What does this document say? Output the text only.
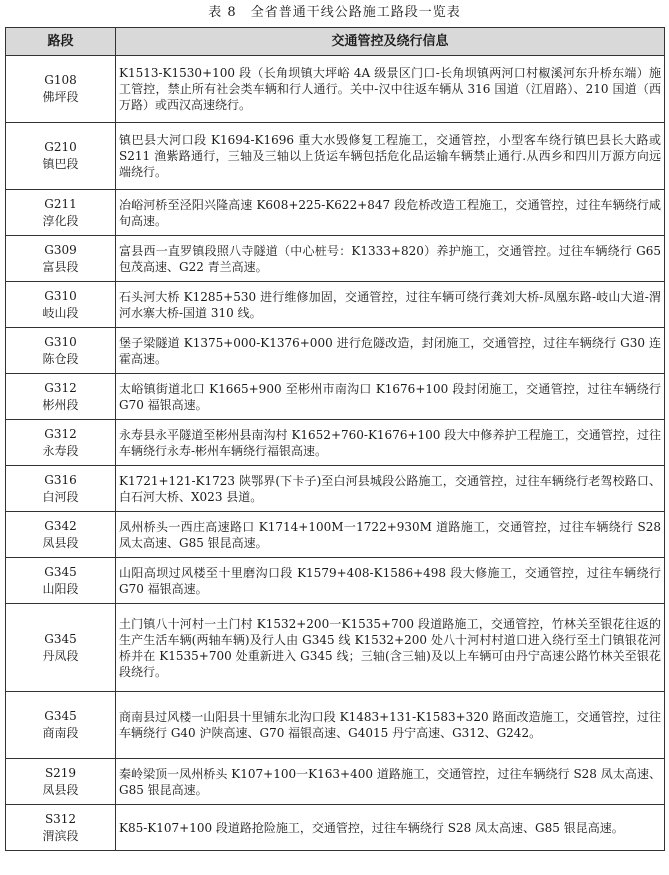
表 8　全省普通干线公路施工路段一览表
路段	交通管控及绕行信息

G108
佛坪段	K1513-K1530+100 段（长角坝镇大坪峪 4A 级景区门口-长角坝镇两河口村椒溪河东升桥东端）施工管控，禁止所有社会类车辆和行人通行。关中-汉中往返车辆从 316 国道（江眉路）、210 国道（西万路）或西汉高速绕行。

G210
镇巴段	镇巴县大河口段 K1694-K1696 重大水毁修复工程施工，交通管控，小型客车绕行镇巴县长大路或 S211 渔紫路通行，三轴及三轴以上货运车辆包括危化品运输车辆禁止通行.从西乡和四川万源方向远端绕行。

G211
淳化段	冶峪河桥至泾阳兴隆高速 K608+225-K622+847 段危桥改造工程施工，交通管控，过往车辆绕行咸旬高速。

G309
富县段	富县西一直罗镇段照八寺隧道（中心桩号：K1333+820）养护施工，交通管控。过往车辆绕行 G65 包茂高速、G22 青兰高速。

G310
岐山段	石头河大桥 K1285+530 进行维修加固，交通管控，过往车辆可绕行龚刘大桥-凤凰东路-岐山大道-渭河水寨大桥-国道 310 线。

G310
陈仓段	堡子梁隧道 K1375+000-K1376+000 进行危隧改造，封闭施工，交通管控，过往车辆绕行 G30 连霍高速。

G312
彬州段	太峪镇街道北口 K1665+900 至彬州市南沟口 K1676+100 段封闭施工，交通管控，过往车辆绕行 G70 福银高速。

G312
永寿段	永寿县永平隧道至彬州县南沟村 K1652+760-K1676+100 段大中修养护工程施工，交通管控，过往车辆绕行永寿-彬州车辆绕行福银高速。

G316
白河段	K1721+121-K1723 陕鄂界(下卡子)至白河县城段公路施工，交通管控，过往车辆绕行老驾校路口、白石河大桥、X023 县道。

G342
凤县段	凤州桥头一西庄高速路口 K1714+100M一1722+930M 道路施工，交通管控，过往车辆绕行 S28 凤太高速、G85 银昆高速。

G345
山阳段	山阳高坝过风楼至十里磨沟口段 K1579+408-K1586+498 段大修施工，交通管控，过往车辆绕行 G70 福银高速。

G345
丹凤段	土门镇八十河村一土门村 K1532+200一K1535+700 段道路施工，交通管控，竹林关至银花往返的生产生活车辆(两轴车辆)及行人由 G345 线 K1532+200 处八十河村村道口进入绕行至土门镇银花河桥并在 K1535+700 处重新进入 G345 线；三轴(含三轴)及以上车辆可由丹宁高速公路竹林关至银花段绕行。

G345
商南段	商南县过风楼一山阳县十里铺东北沟口段 K1483+131-K1583+320 路面改造施工，交通管控，过往车辆绕行 G40 沪陕高速、G70 福银高速、G4015 丹宁高速、G312、G242。

S219
凤县段	秦岭梁顶一凤州桥头 K107+100一K163+400 道路施工，交通管控，过往车辆绕行 S28 凤太高速、G85 银昆高速。

S312
渭滨段	K85-K107+100 段道路抢险施工，交通管控，过往车辆绕行 S28 凤太高速、G85 银昆高速。
